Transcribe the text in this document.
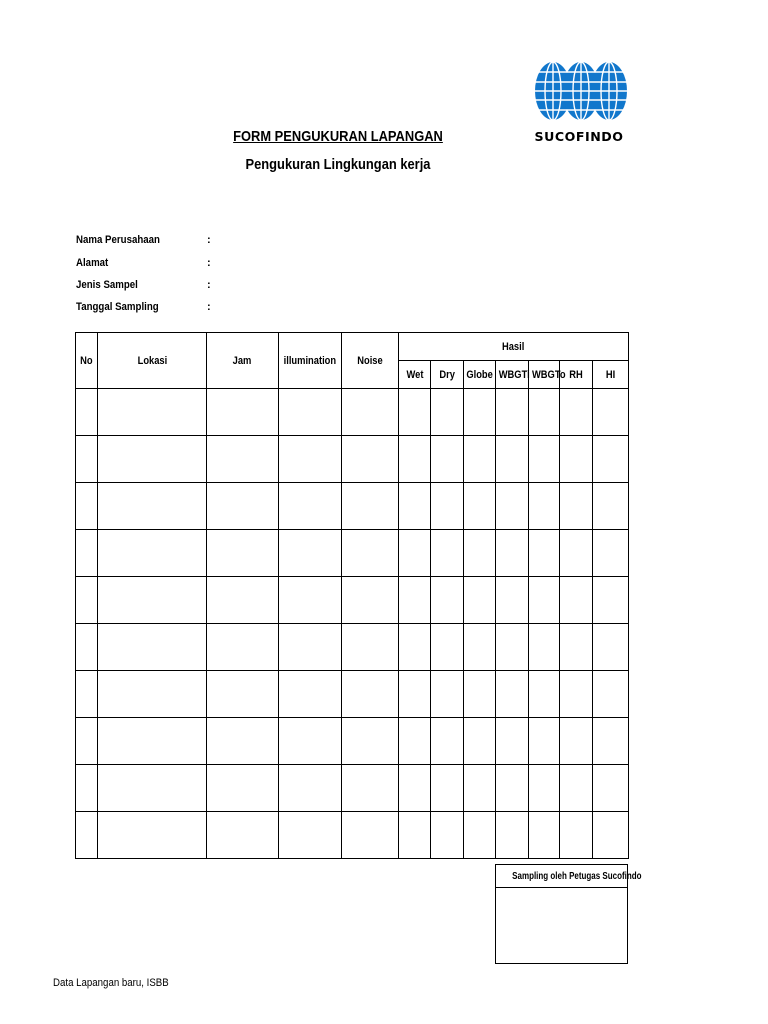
SUCOFINDO
FORM PENGUKURAN LAPANGAN
Pengukuran Lingkungan kerja
Nama Perusahaan	:
Alamat	:
Jenis Sampel	:
Tanggal Sampling	:
No	Lokasi	Jam	illumination	Noise	Hasil						
					Wet	Dry	Globe	WBGTi	WBGTo	RH	HI

Sampling oleh Petugas Sucofindo

Data Lapangan baru, ISBB
